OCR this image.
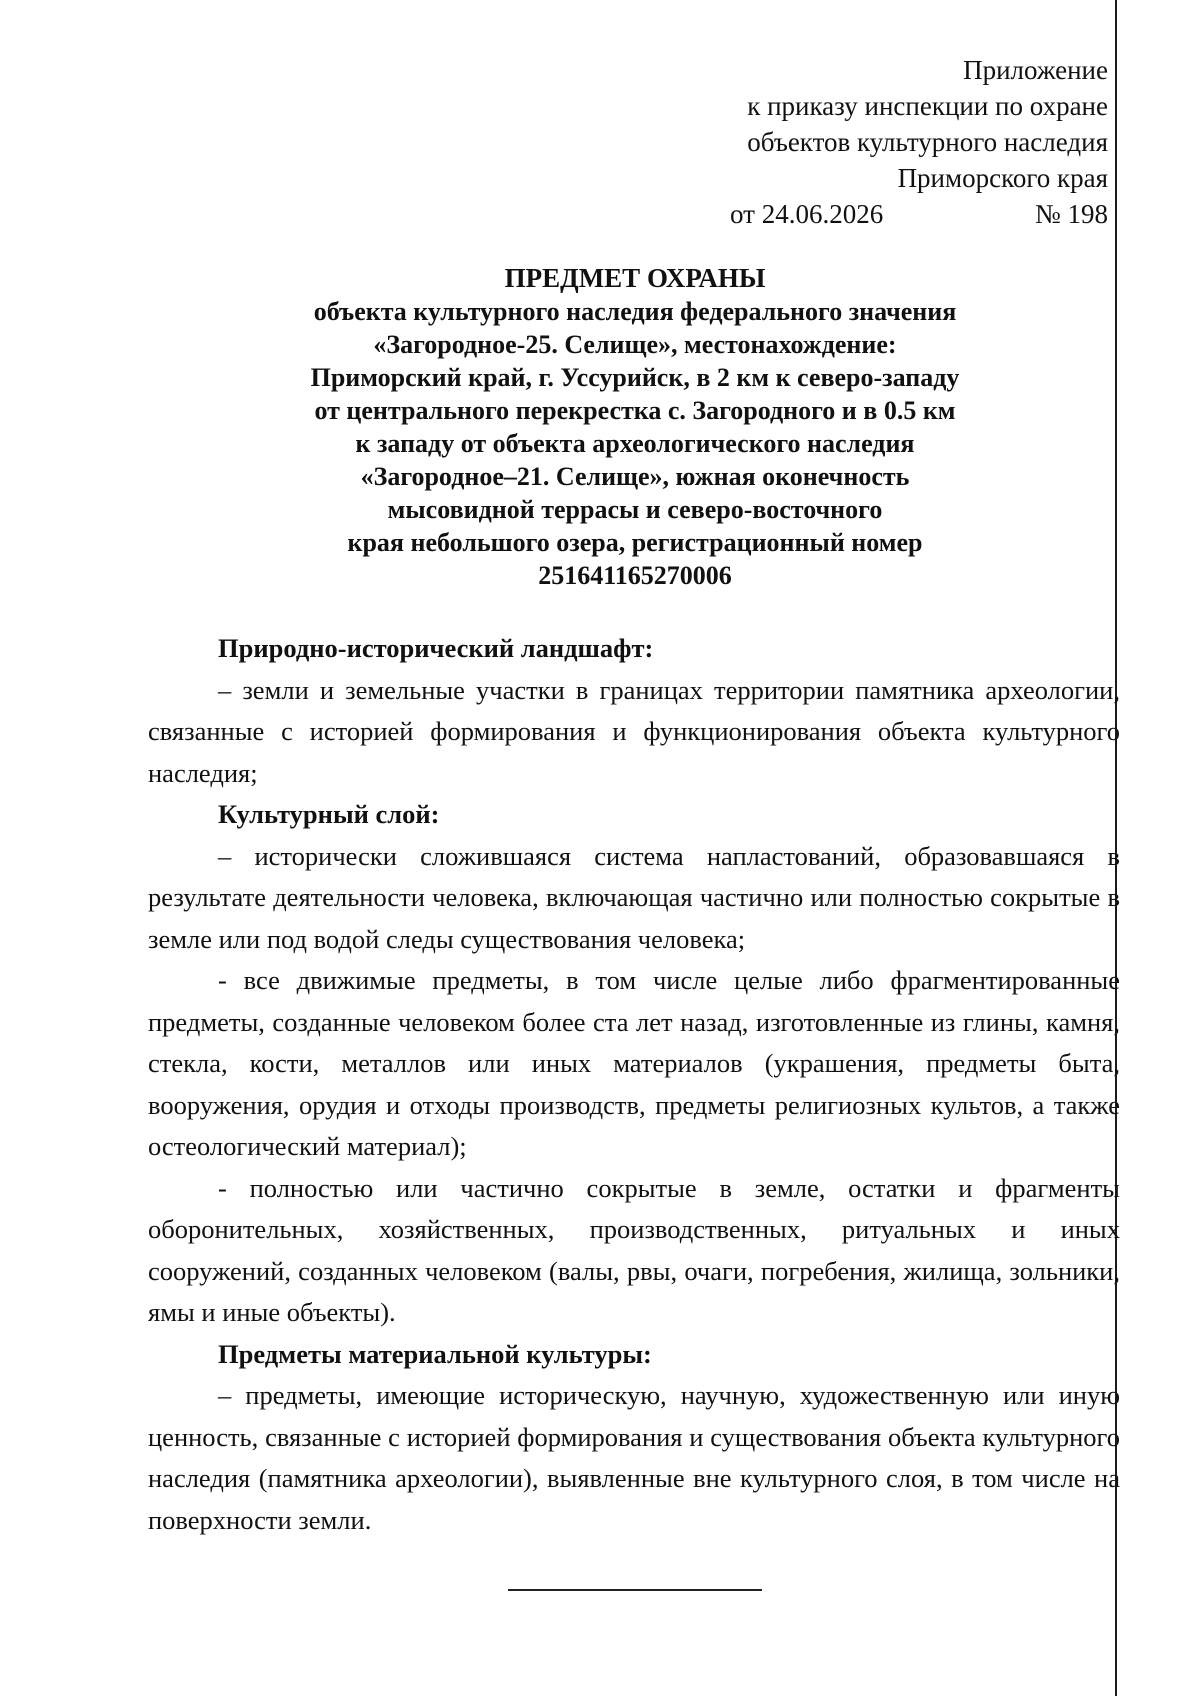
Приложение
к приказу инспекции по охране
объектов культурного наследия
Приморского края
от 24.06.2026	№ 198
ПРЕДМЕТ ОХРАНЫ
объекта культурного наследия федерального значения
«Загородное-25. Селище», местонахождение:
Приморский край, г. Уссурийск, в 2 км к северо-западу
от центрального перекрестка с. Загородного и в 0.5 км
к западу от объекта археологического наследия
«Загородное–21. Селище», южная оконечность
мысовидной террасы и северо-восточного
края небольшого озера, регистрационный номер
251641165270006

Природно-исторический ландшафт:

– земли и земельные участки в границах территории памятника археологии, связанные с историей формирования и функционирования объекта культурного наследия;

Культурный слой:

– исторически сложившаяся система напластований, образовавшаяся в результате деятельности человека, включающая частично или полностью сокрытые в земле или под водой следы существования человека;

- все движимые предметы, в том числе целые либо фрагментированные предметы, созданные человеком более ста лет назад, изготовленные из глины, камня, стекла, кости, металлов или иных материалов (украшения, предметы быта, вооружения, орудия и отходы производств, предметы религиозных культов, а также остеологический материал);

- полностью или частично сокрытые в земле, остатки и фрагменты оборонительных, хозяйственных, производственных, ритуальных и иных сооружений, созданных человеком (валы, рвы, очаги, погребения, жилища, зольники, ямы и иные объекты).

Предметы материальной культуры:

– предметы, имеющие историческую, научную, художественную или иную ценность, связанные с историей формирования и существования объекта культурного наследия (памятника археологии), выявленные вне культурного слоя, в том числе на поверхности земли.
